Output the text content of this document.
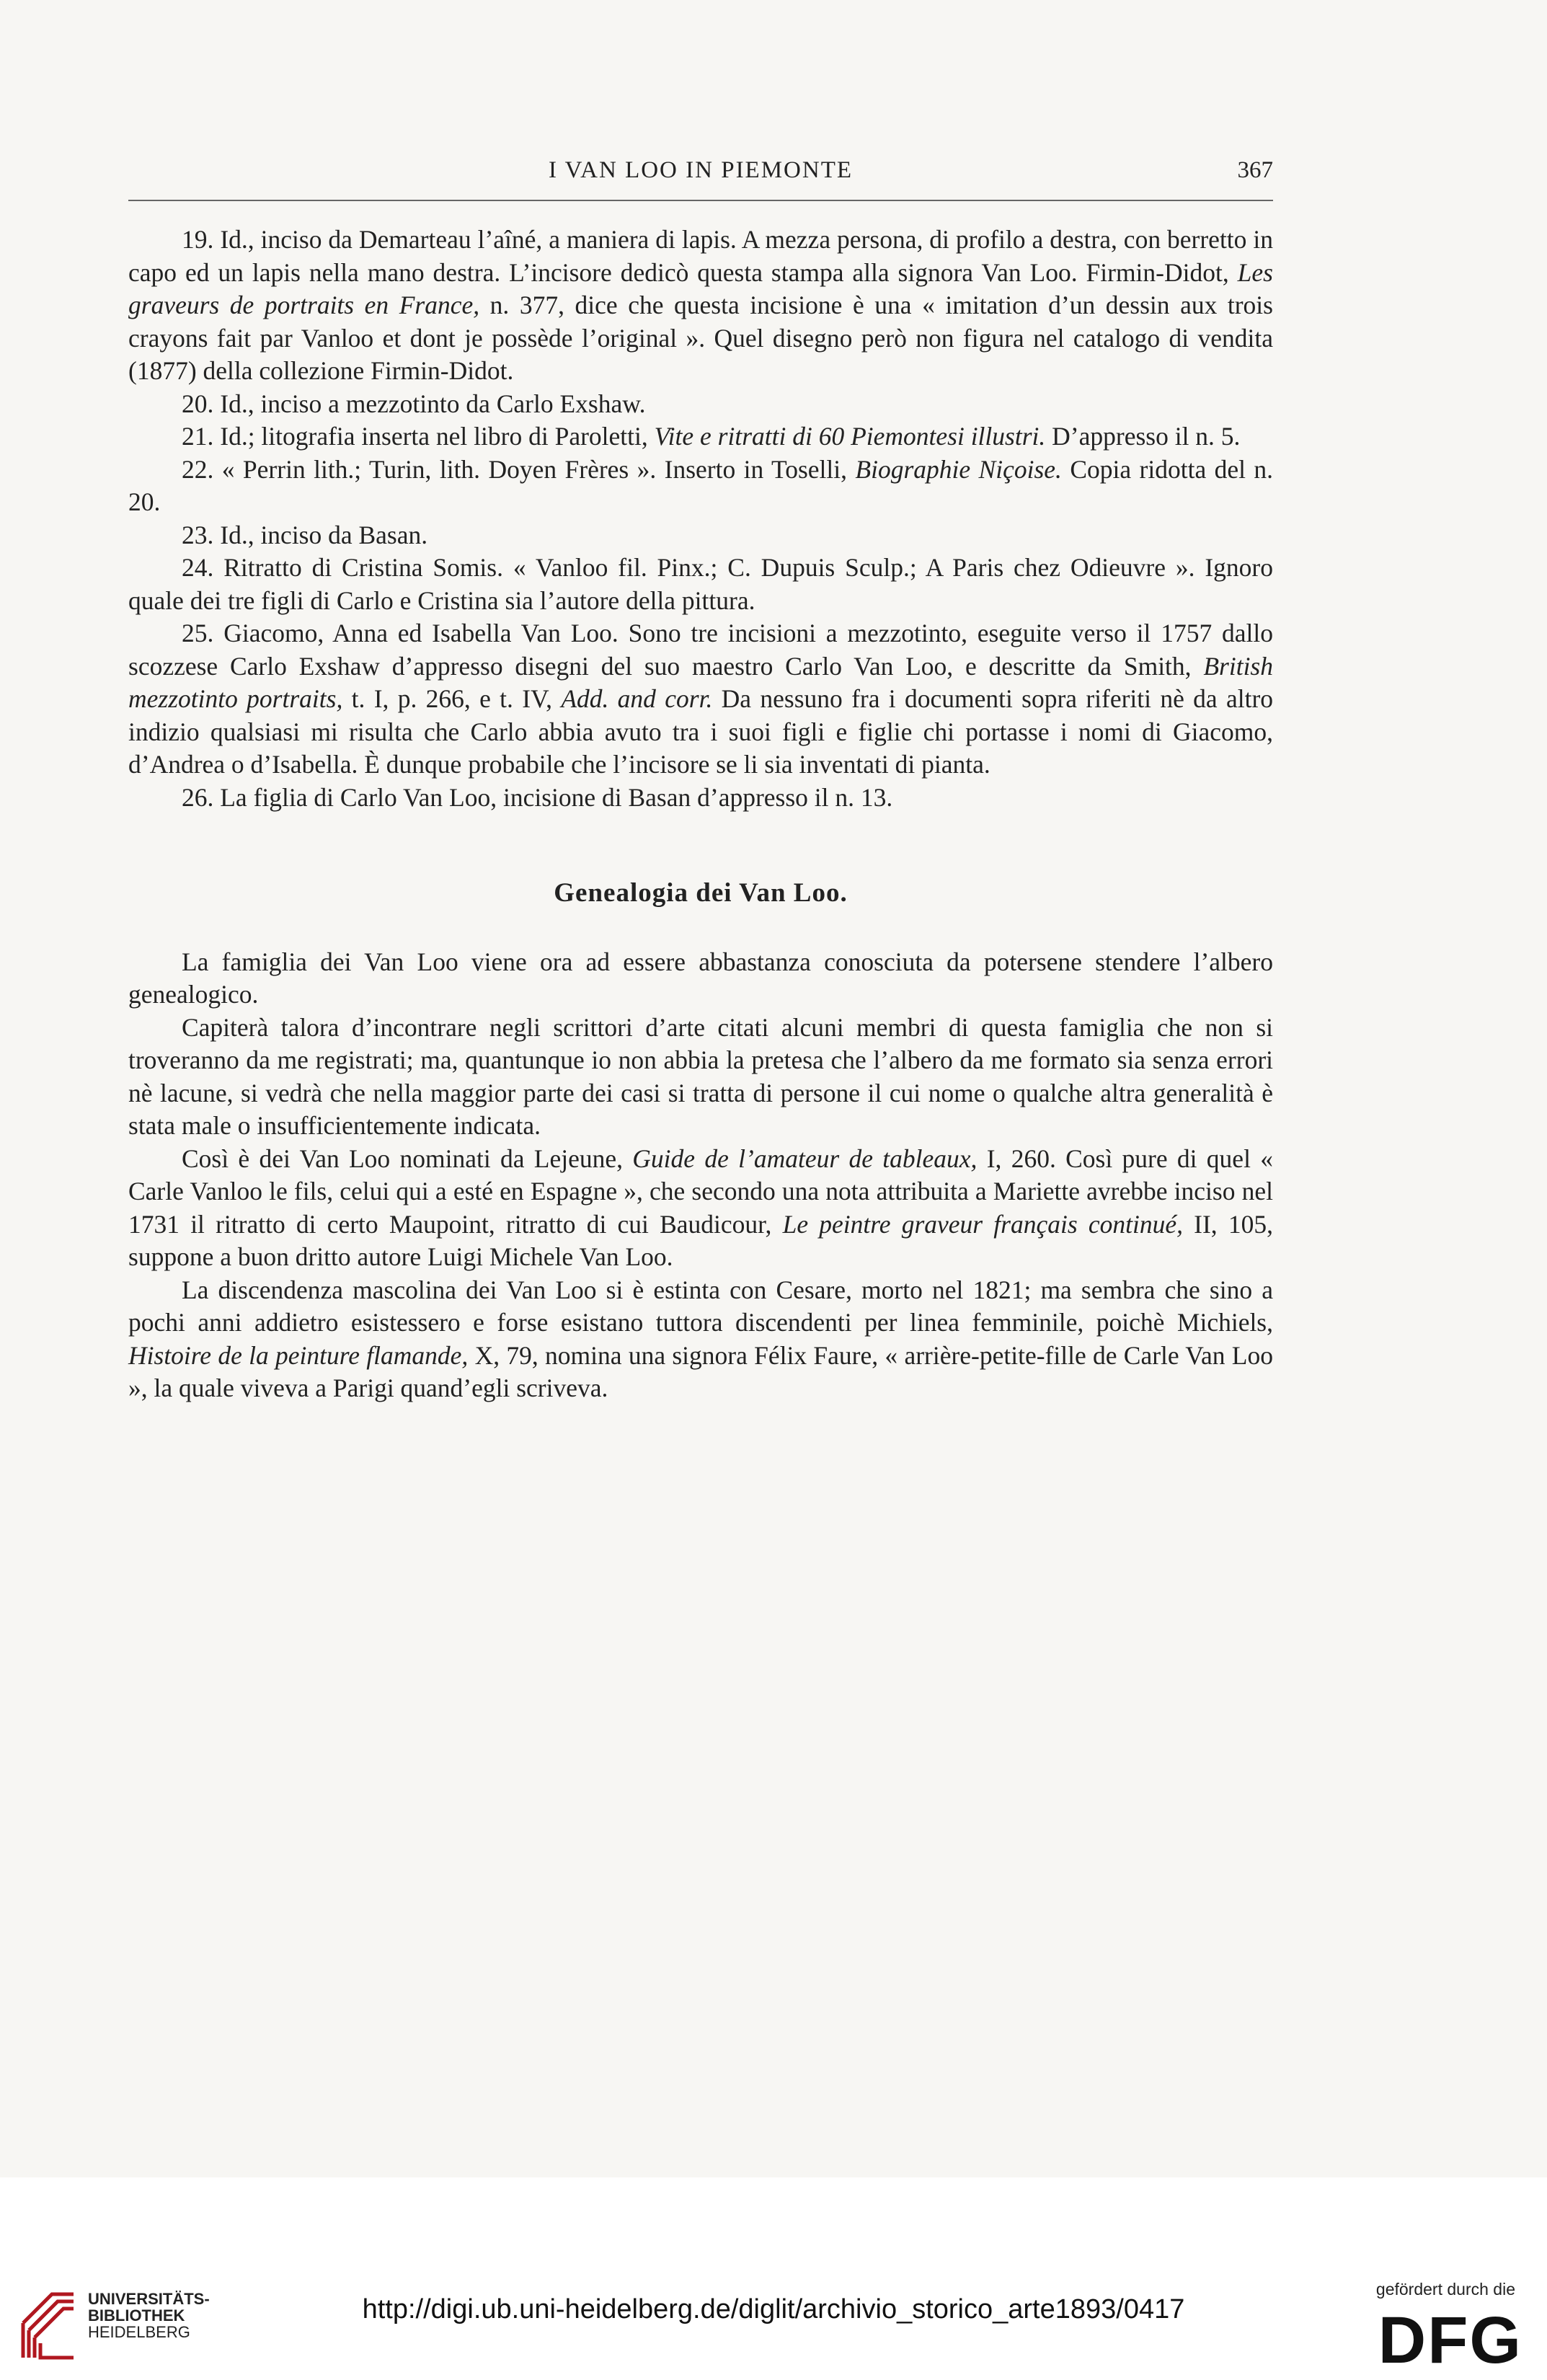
I VAN LOO IN PIEMONTE	367

19. Id., inciso da Demarteau l’aîné, a maniera di lapis. A mezza persona, di profilo a destra, con berretto in capo ed un lapis nella mano destra. L’incisore dedicò questa stampa alla signora Van Loo. Firmin-Didot, Les graveurs de portraits en France, n. 377, dice che questa incisione è una « imitation d’un dessin aux trois crayons fait par Vanloo et dont je possède l’original ». Quel disegno però non figura nel catalogo di vendita (1877) della collezione Firmin-Didot.

20. Id., inciso a mezzotinto da Carlo Exshaw.

21. Id.; litografia inserta nel libro di Paroletti, Vite e ritratti di 60 Piemontesi illustri. D’appresso il n. 5.

22. « Perrin lith.; Turin, lith. Doyen Frères ». Inserto in Toselli, Biographie Niçoise. Copia ridotta del n. 20.

23. Id., inciso da Basan.

24. Ritratto di Cristina Somis. « Vanloo fil. Pinx.; C. Dupuis Sculp.; A Paris chez Odieuvre ». Ignoro quale dei tre figli di Carlo e Cristina sia l’autore della pittura.

25. Giacomo, Anna ed Isabella Van Loo. Sono tre incisioni a mezzotinto, eseguite verso il 1757 dallo scozzese Carlo Exshaw d’appresso disegni del suo maestro Carlo Van Loo, e descritte da Smith, British mezzotinto portraits, t. I, p. 266, e t. IV, Add. and corr. Da nessuno fra i documenti sopra riferiti nè da altro indizio qualsiasi mi risulta che Carlo abbia avuto tra i suoi figli e figlie chi portasse i nomi di Giacomo, d’Andrea o d’Isabella. È dunque probabile che l’incisore se li sia inventati di pianta.

26. La figlia di Carlo Van Loo, incisione di Basan d’appresso il n. 13.

Genealogia dei Van Loo.

La famiglia dei Van Loo viene ora ad essere abbastanza conosciuta da potersene stendere l’albero genealogico.

Capiterà talora d’incontrare negli scrittori d’arte citati alcuni membri di questa famiglia che non si troveranno da me registrati; ma, quantunque io non abbia la pretesa che l’albero da me formato sia senza errori nè lacune, si vedrà che nella maggior parte dei casi si tratta di persone il cui nome o qualche altra generalità è stata male o insufficientemente indicata.

Così è dei Van Loo nominati da Lejeune, Guide de l’amateur de tableaux, I, 260. Così pure di quel « Carle Vanloo le fils, celui qui a esté en Espagne », che secondo una nota attribuita a Mariette avrebbe inciso nel 1731 il ritratto di certo Maupoint, ritratto di cui Baudicour, Le peintre graveur français continué, II, 105, suppone a buon dritto autore Luigi Michele Van Loo.

La discendenza mascolina dei Van Loo si è estinta con Cesare, morto nel 1821; ma sembra che sino a pochi anni addietro esistessero e forse esistano tuttora discendenti per linea femminile, poichè Michiels, Histoire de la peinture flamande, X, 79, nomina una signora Félix Faure, « arrière-petite-fille de Carle Van Loo », la quale viveva a Parigi quand’egli scriveva.

UNIVERSITÄTS-
BIBLIOTHEK
HEIDELBERG
http://digi.ub.uni-heidelberg.de/diglit/archivio_storico_arte1893/0417
gefördert durch die
DFG
